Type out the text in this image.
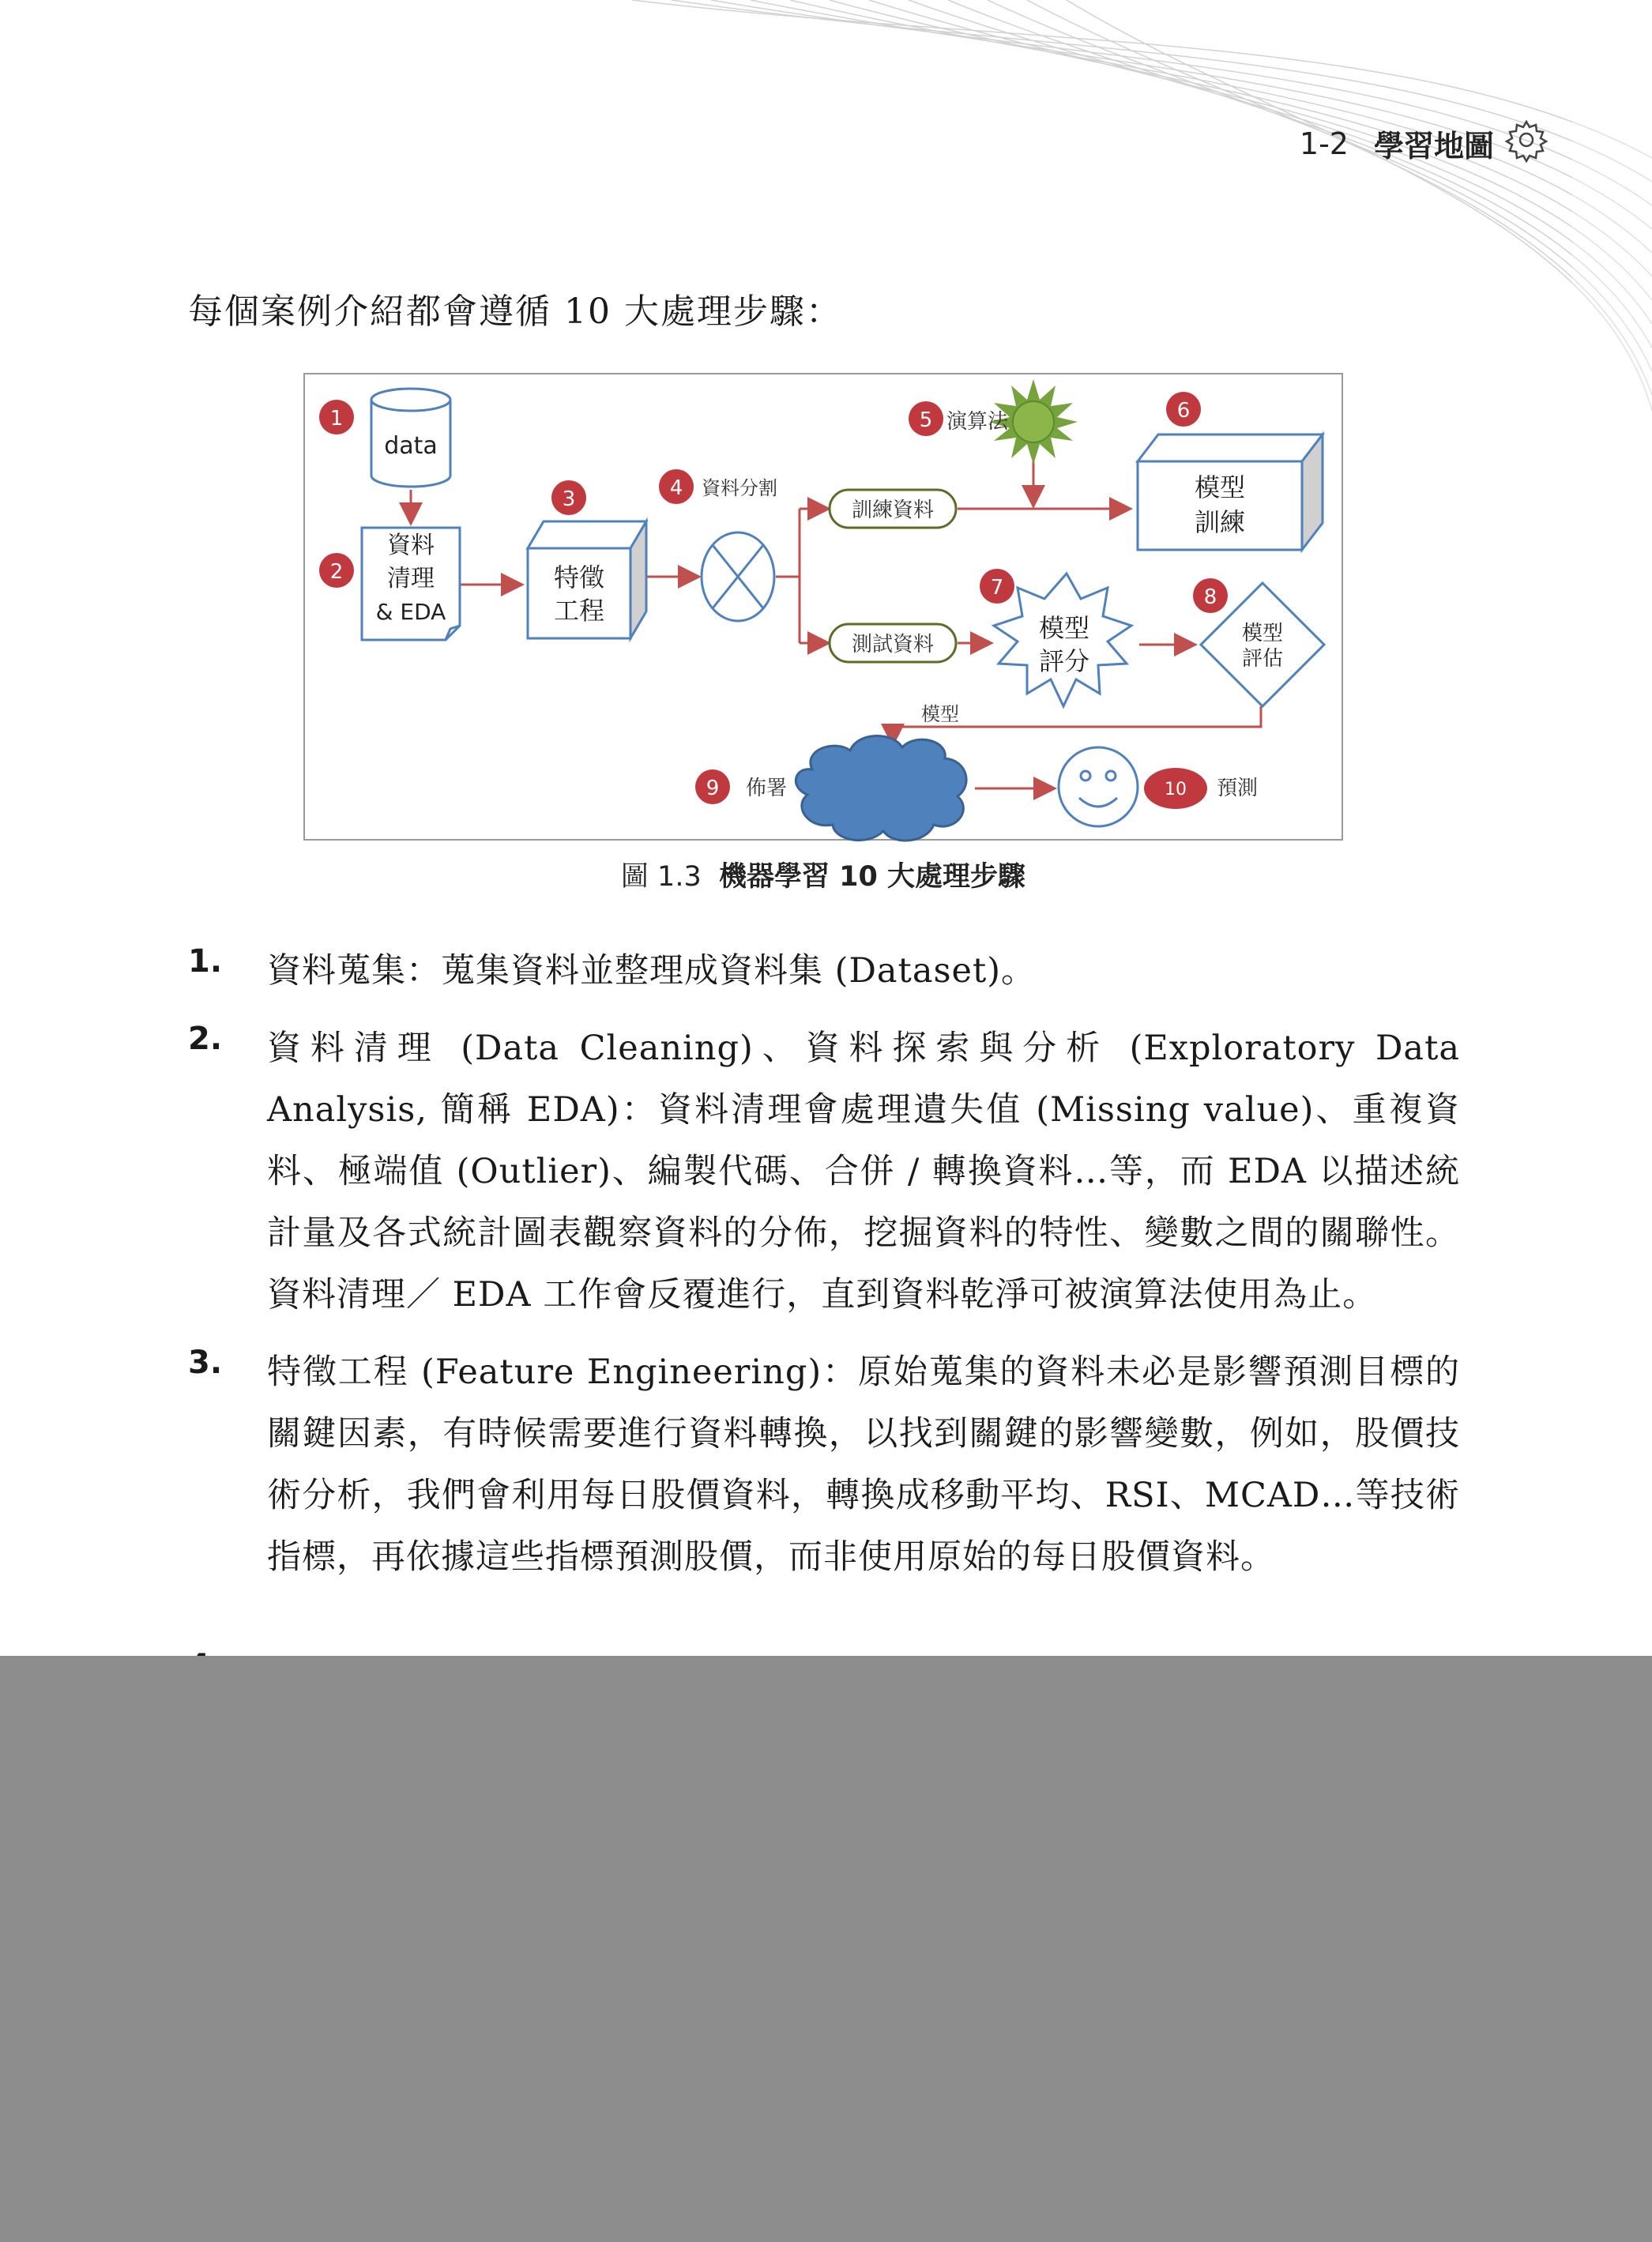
1-2 學習地圖

每個案例介紹都會遵循 10 大處理步驟：

data
資料
清理
& EDA
特徵
工程
資料分割
訓練資料
測試資料
演算法
模型
訓練
模型
評分
模型
評估
模型
佈署	預測
1
2
3	4
5	6
7	8
9	10
圖 1.3 機器學習 10 大處理步驟
1. 資料蒐集：蒐集資料並整理成資料集 (Dataset)。
2. 資料清理 (Data Cleaning)、資料探索與分析 (Exploratory Data Analysis, 簡稱 EDA)：資料清理會處理遺失值 (Missing value)、重複資料、極端值 (Outlier)、編製代碼、合併 / 轉換資料…等，而 EDA 以描述統計量及各式統計圖表觀察資料的分佈，挖掘資料的特性、變數之間的關聯性。資料清理／ EDA 工作會反覆進行，直到資料乾淨可被演算法使用為止。
3. 特徵工程 (Feature Engineering)：原始蒐集的資料未必是影響預測目標的關鍵因素，有時候需要進行資料轉換，以找到關鍵的影響變數，例如，股價技術分析，我們會利用每日股價資料，轉換成移動平均、RSI、MCAD…等技術指標，再依據這些指標預測股價，而非使用原始的每日股價資料。
